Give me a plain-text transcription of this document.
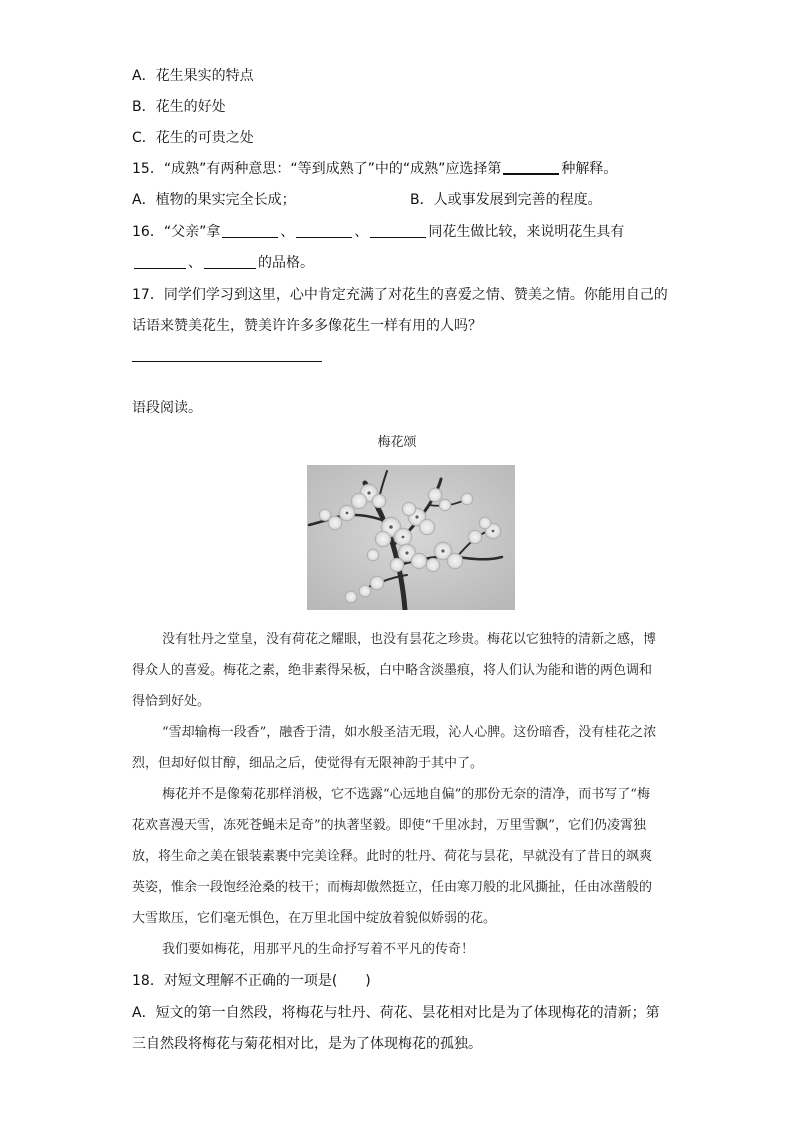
A．花生果实的特点
B．花生的好处
C．花生的可贵之处
15．“成熟”有两种意思：“等到成熟了”中的“成熟”应选择第	种解释。
A．植物的果实完全长成；	B．人或事发展到完善的程度。
16．“父亲”拿	、	、	同花生做比较，来说明花生具有
、	的品格。
17．同学们学习到这里，心中肯定充满了对花生的喜爱之情、赞美之情。你能用自己的
话语来赞美花生，赞美许许多多像花生一样有用的人吗？
语段阅读。
梅花颂
没有牡丹之堂皇，没有荷花之耀眼，也没有昙花之珍贵。梅花以它独特的清新之感，博得众人的喜爱。梅花之素，绝非素得呆板，白中略含淡墨痕，将人们认为能和谐的两色调和得恰到好处。
“雪却输梅一段香”，融香于清，如水般圣洁无瑕，沁人心脾。这份暗香，没有桂花之浓烈，但却好似甘醇，细品之后，使觉得有无限神韵于其中了。
梅花并不是像菊花那样消极，它不选露“心远地自偏”的那份无奈的清净，而书写了“梅花欢喜漫天雪，冻死苍蝇未足奇”的执著坚毅。即使“千里冰封，万里雪飘”，它们仍凌霄独放，将生命之美在银装素裹中完美诠释。此时的牡丹、荷花与昙花，早就没有了昔日的飒爽英姿，惟余一段饱经沧桑的枝干；而梅却傲然挺立，任由寒刀般的北风撕扯，任由冰凿般的大雪欺压，它们毫无惧色，在万里北国中绽放着貌似娇弱的花。
我们要如梅花，用那平凡的生命抒写着不平凡的传奇！
18．对短文理解不正确的一项是(　　)
A．短文的第一自然段，将梅花与牡丹、荷花、昙花相对比是为了体现梅花的清新；第
三自然段将梅花与菊花相对比，是为了体现梅花的孤独。
